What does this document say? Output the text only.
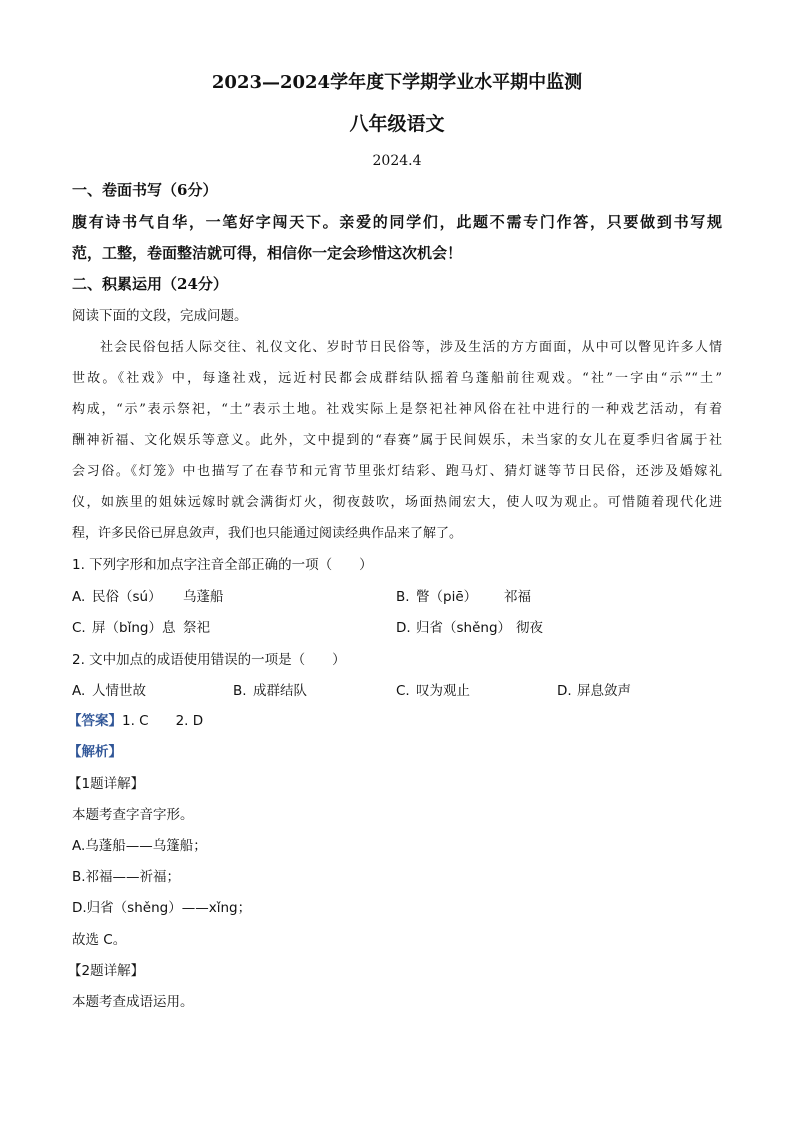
2023—2024学年度下学期学业水平期中监测
八年级语文
2024.4
一、卷面书写（6分）
腹有诗书气自华，一笔好字闯天下。亲爱的同学们，此题不需专门作答，只要做到书写规
范，工整，卷面整洁就可得，相信你一定会珍惜这次机会！
二、积累运用（24分）
阅读下面的文段，完成问题。
社会民俗包括人际交往、礼仪文化、岁时节日民俗等，涉及生活的方方面面，从中可以瞥见许多人情
世故。《社戏》中，每逢社戏，远近村民都会成群结队摇着乌蓬船前往观戏。“社”一字由“示”“土”
构成，“示”表示祭祀，“土”表示土地。社戏实际上是祭祀社神风俗在社中进行的一种戏艺活动，有着
酬神祈福、文化娱乐等意义。此外，文中提到的“春赛”属于民间娱乐，未当家的女儿在夏季归省属于社
会习俗。《灯笼》中也描写了在春节和元宵节里张灯结彩、跑马灯、猜灯谜等节日民俗，还涉及婚嫁礼
仪，如族里的姐妹远嫁时就会满街灯火，彻夜鼓吹，场面热闹宏大，使人叹为观止。可惜随着现代化进
程，许多民俗已屏息敛声，我们也只能通过阅读经典作品来了解了。
1. 下列字形和加点字注音全部正确的一项（　　）
A. 民俗（sú） 乌蓬船	B. 瞥（piē） 祁福
C. 屏（bǐng）息 祭祀	D. 归省（shěng） 彻夜
2. 文中加点的成语使用错误的一项是（　　）
A. 人情世故	B. 成群结队	C. 叹为观止	D. 屏息敛声
【答案】1. C　　2. D
【解析】
【1题详解】
本题考查字音字形。
A.乌蓬船——乌篷船；
B.祁福——祈福；
D.归省（shěng）——xǐng；
故选 C。
【2题详解】
本题考查成语运用。
